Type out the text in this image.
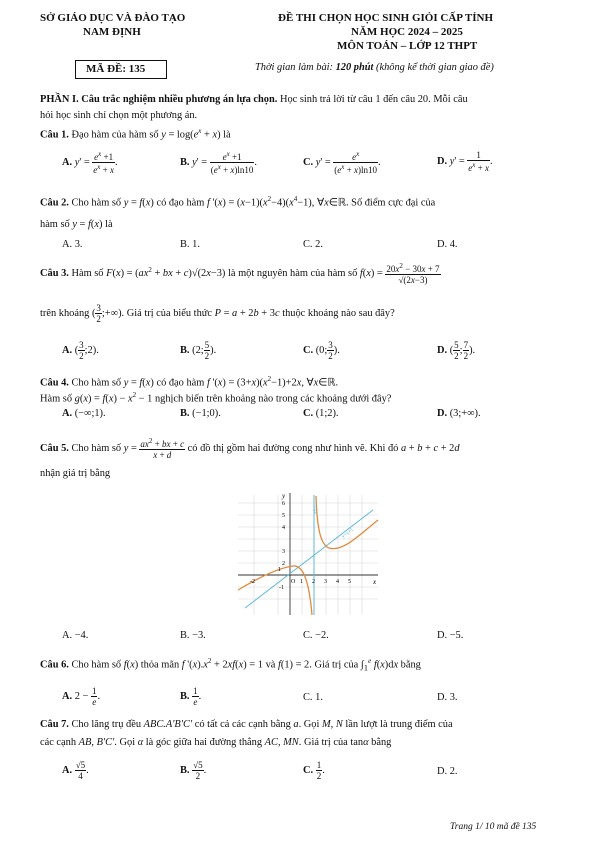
SỞ GIÁO DỤC VÀ ĐÀO TẠO
NAM ĐỊNH
ĐỀ THI CHỌN HỌC SINH GIỎI CẤP TỈNH
NĂM HỌC 2024 – 2025
MÔN TOÁN – LỚP 12 THPT
MÃ ĐỀ: 135	Thời gian làm bài: 120 phút (không kể thời gian giao đề)
PHẦN I. Câu trắc nghiệm nhiều phương án lựa chọn. Học sinh trả lời từ câu 1 đến câu 20. Mỗi câu
hỏi học sinh chỉ chọn một phương án.
Câu 1. Đạo hàm của hàm số $y = \log(e^x + x)$ là
A. $y' = \frac{e^x +1}{e^x + x}$ .	B. $y' = \frac{e^x +1}{(e^x + x)\ln 10}$ .	C. $y' = \frac{e^x}{(e^x + x)\ln 10}$ .	D. $y' = \frac{1}{e^x + x}$ .
Câu 2. Cho hàm số y = f(x) có đạo hàm f '$(x) = (x-1)(x^2-4)(x^4-1)$, ∀x∈ℝ. Số điểm cực đại của
hàm số y = f(x) là
A. 3.	B. 1.	C. 2.	D. 4.
Câu 3. Hàm số $F(x) = (ax^2$ + bx + c)√(2x−3) là một nguyên hàm của hàm số $f(x) = \frac{20x^2 - 30x + 7}{√(2x-3)}$
trên khoảng ( $\frac{3}{2}$ ;+∞). Giá trị của biểu thức P = a + 2b + 3c thuộc khoảng nào sau đây?
A. ( $\frac{3}{2}$ ;2).	B. (2; $\frac{5}{2}$ ).	C. (0; $\frac{3}{2}$ ).	D. ( $\frac{5}{2}$ ; $\frac{7}{2}$ ).
Câu 4. Cho hàm số y = f(x) có đạo hàm f '$(x) = (3+x)(x^2-1)+2x$, ∀x∈ℝ.
Hàm số $g(x) = f(x) - x^2 - 1$ nghịch biến trên khoảng nào trong các khoảng dưới đây?
A. (−∞;1).	B. (−1;0).	C. (1;2).	D. (3;+∞).
Câu 5. Cho hàm số $y = \frac{ax^2 + bx + c}{x + d}$ có đồ thị gồm hai đường cong như hình vẽ. Khi đó a + b + c + 2d
nhận giá trị bằng
y
x
O
6
5
4
3
2
1
-1
-2	1 2 3 4 5
x=2
y=x+1
A. −4.	B. −3.	C. −2.	D. −5.
Câu 6. Cho hàm số f(x) thỏa mãn f '$(x).x^2 + 2xf(x) = 1$ và f(1) = 2. Giá trị của $\int_1^e$ f(x)dx bằng
A. $2 - \frac{1}{e}$ .	B. $\frac{1}{e}$ .	C. 1.	D. 3.
Câu 7. Cho lăng trụ đều ABC.A'B'C' có tất cả các cạnh bằng a. Gọi M, N lần lượt là trung điểm của
các cạnh AB, B'C'. Gọi α là góc giữa hai đường thẳng AC, MN. Giá trị của tanα bằng
A. $\frac{√5}{4}$ .	B. $\frac{√5}{2}$ .	C. $\frac{1}{2}$ .	D. 2.
Trang 1/ 10 mã đề 135
